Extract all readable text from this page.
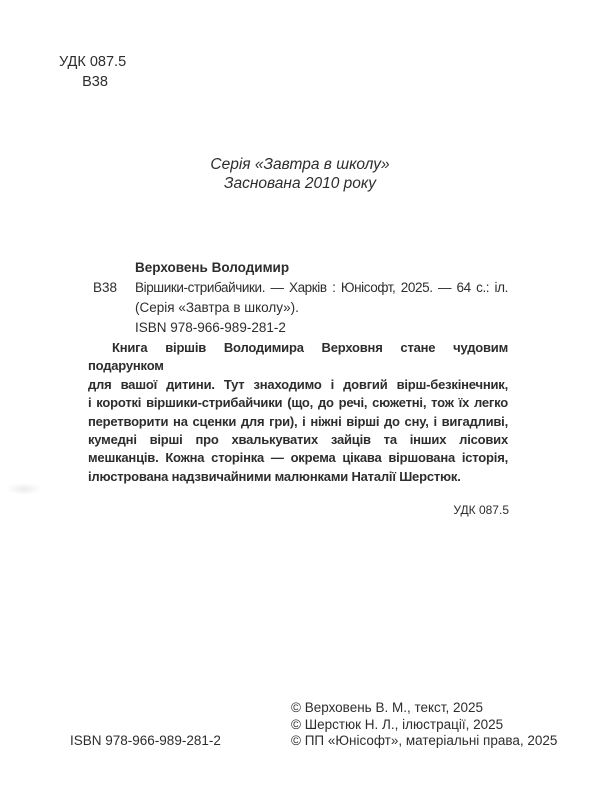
УДК 087.5
В38
Серія «Завтра в школу»
Заснована 2010 року
Верховень Володимир
В38 Віршики-стрибайчики. — Харків : Юнісофт, 2025. — 64 с.: іл.
(Серія «Завтра в школу»).
ISBN 978-966-989-281-2
Книга віршів Володимира Верховня стане чудовим подарунком
для вашої дитини. Тут знаходимо і довгий вірш-безкінечник,
і короткі віршики-стрибайчики (що, до речі, сюжетні, тож їх легко
перетворити на сценки для гри), і ніжні вірші до сну, і вигадливі,
кумедні вірші про хвалькуватих зайців та інших лісових
мешканців. Кожна сторінка — окрема цікава віршована історія,
ілюстрована надзвичайними малюнками Наталії Шерстюк.
УДК 087.5
ISBN 978-966-989-281-2
© Верховень В. М., текст, 2025
© Шерстюк Н. Л., ілюстрації, 2025
© ПП «Юнісофт», матеріальні права, 2025
